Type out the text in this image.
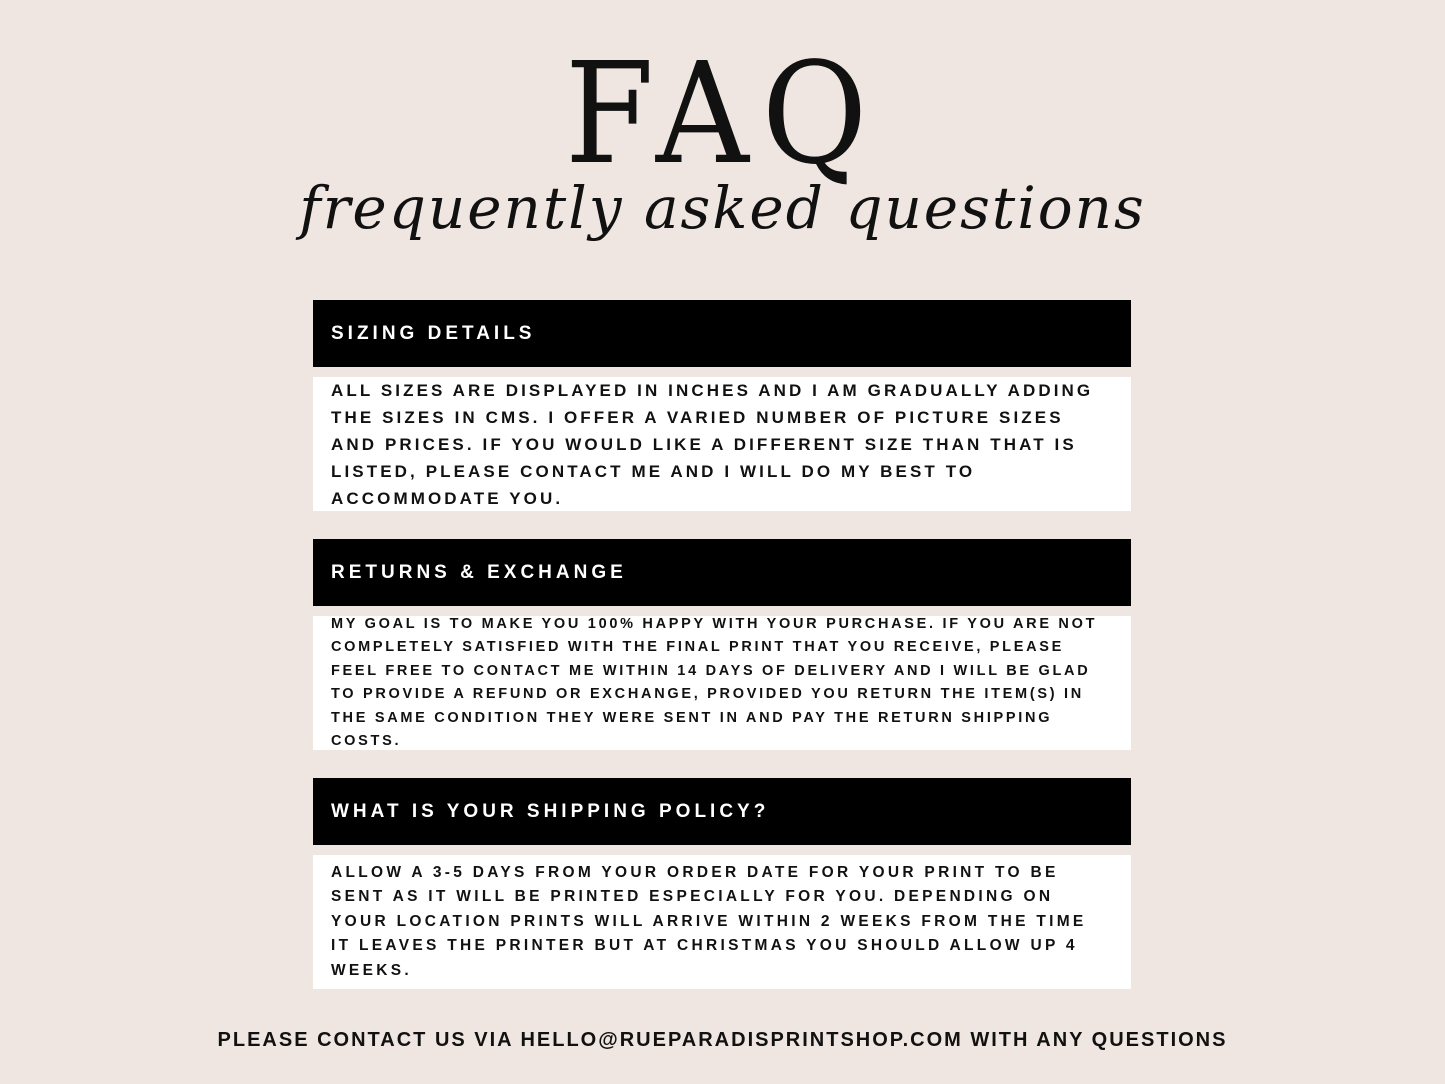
FAQ
frequently asked questions
SIZING DETAILS

ALL SIZES ARE DISPLAYED IN INCHES AND I AM GRADUALLY ADDING THE SIZES IN CMS. I OFFER A VARIED NUMBER OF PICTURE SIZES AND PRICES. IF YOU WOULD LIKE A DIFFERENT SIZE THAN THAT IS LISTED, PLEASE CONTACT ME AND I WILL DO MY BEST TO ACCOMMODATE YOU.

RETURNS & EXCHANGE

MY GOAL IS TO MAKE YOU 100% HAPPY WITH YOUR PURCHASE. IF YOU ARE NOT COMPLETELY SATISFIED WITH THE FINAL PRINT THAT YOU RECEIVE, PLEASE FEEL FREE TO CONTACT ME WITHIN 14 DAYS OF DELIVERY AND I WILL BE GLAD TO PROVIDE A REFUND OR EXCHANGE, PROVIDED YOU RETURN THE ITEM(S) IN THE SAME CONDITION THEY WERE SENT IN AND PAY THE RETURN SHIPPING COSTS.

WHAT IS YOUR SHIPPING POLICY?

ALLOW A 3-5 DAYS FROM YOUR ORDER DATE FOR YOUR PRINT TO BE SENT AS IT WILL BE PRINTED ESPECIALLY FOR YOU. DEPENDING ON YOUR LOCATION PRINTS WILL ARRIVE WITHIN 2 WEEKS FROM THE TIME IT LEAVES THE PRINTER BUT AT CHRISTMAS YOU SHOULD ALLOW UP 4 WEEKS.

PLEASE CONTACT US VIA HELLO@RUEPARADISPRINTSHOP.COM WITH ANY QUESTIONS
